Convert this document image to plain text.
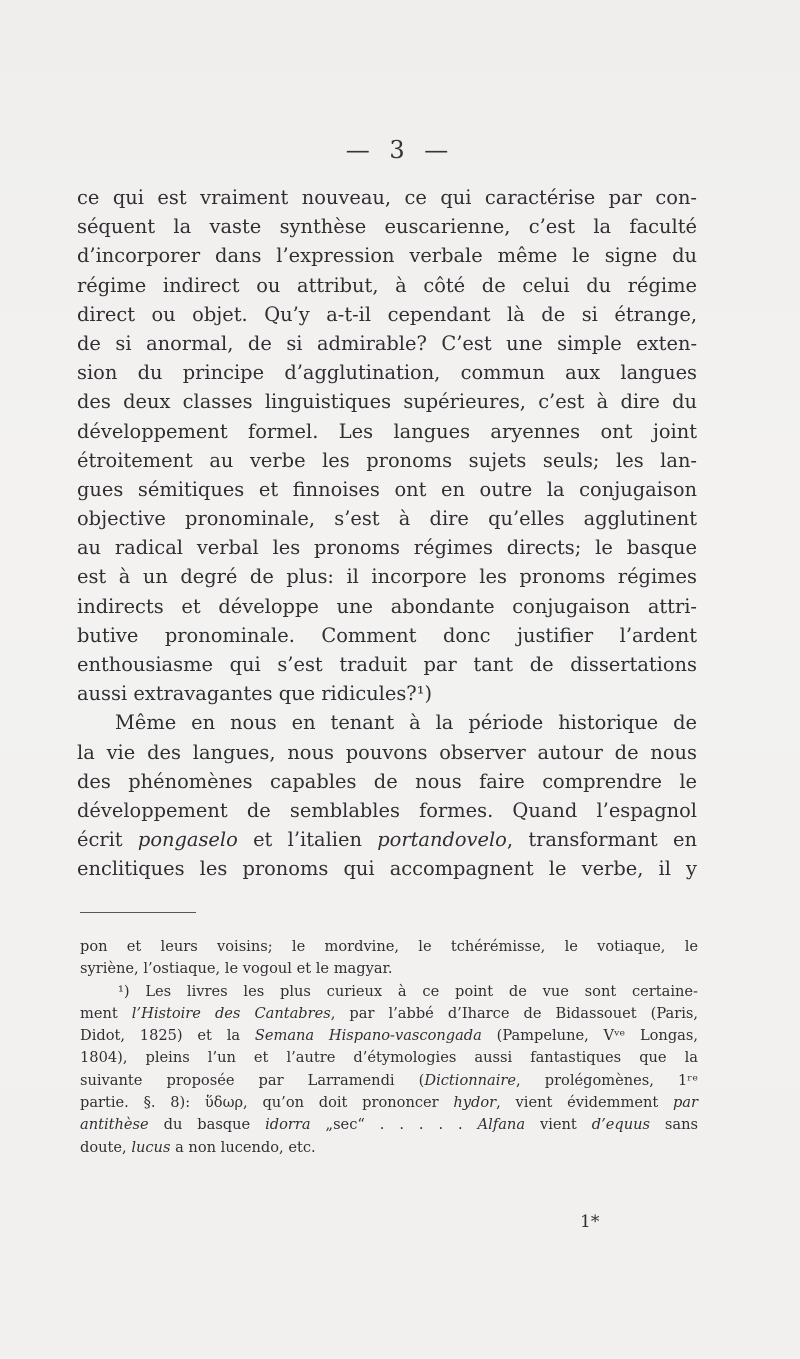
— 3 —
ce qui est vraiment nouveau, ce qui caractérise par con-
séquent la vaste synthèse euscarienne, c’est la faculté
d’incorporer dans l’expression verbale même le signe du
régime indirect ou attribut, à côté de celui du régime
direct ou objet. Qu’y a-t-il cependant là de si étrange,
de si anormal, de si admirable? C’est une simple exten-
sion du principe d’agglutination, commun aux langues
des deux classes linguistiques supérieures, c’est à dire du
développement formel. Les langues aryennes ont joint
étroitement au verbe les pronoms sujets seuls; les lan-
gues sémitiques et finnoises ont en outre la conjugaison
objective pronominale, s’est à dire qu’elles agglutinent
au radical verbal les pronoms régimes directs; le basque
est à un degré de plus: il incorpore les pronoms régimes
indirects et développe une abondante conjugaison attri-
butive pronominale. Comment donc justifier l’ardent
enthousiasme qui s’est traduit par tant de dissertations
aussi extravagantes que ridicules?¹)
Même en nous en tenant à la période historique de
la vie des langues, nous pouvons observer autour de nous
des phénomènes capables de nous faire comprendre le
développement de semblables formes. Quand l’espagnol
écrit pongaselo et l’italien portandovelo, transformant en
enclitiques les pronoms qui accompagnent le verbe, il y
pon et leurs voisins; le mordvine, le tchérémisse, le votiaque, le
syriène, l’ostiaque, le vogoul et le magyar.
¹) Les livres les plus curieux à ce point de vue sont certaine-
ment l’Histoire des Cantabres, par l’abbé d’Iharce de Bidassouet (Paris,
Didot, 1825) et la Semana Hispano-vascongada (Pampelune, Vᵛᵉ Longas,
1804), pleins l’un et l’autre d’étymologies aussi fantastiques que la
suivante proposée par Larramendi (Dictionnaire, prolégomènes, 1ʳᵉ
partie. §. 8): ὕδωρ, qu’on doit prononcer hydor, vient évidemment par
antithèse du basque idorra „sec“ . . . . . Alfana vient d’equus sans
doute, lucus a non lucendo, etc.
1*
